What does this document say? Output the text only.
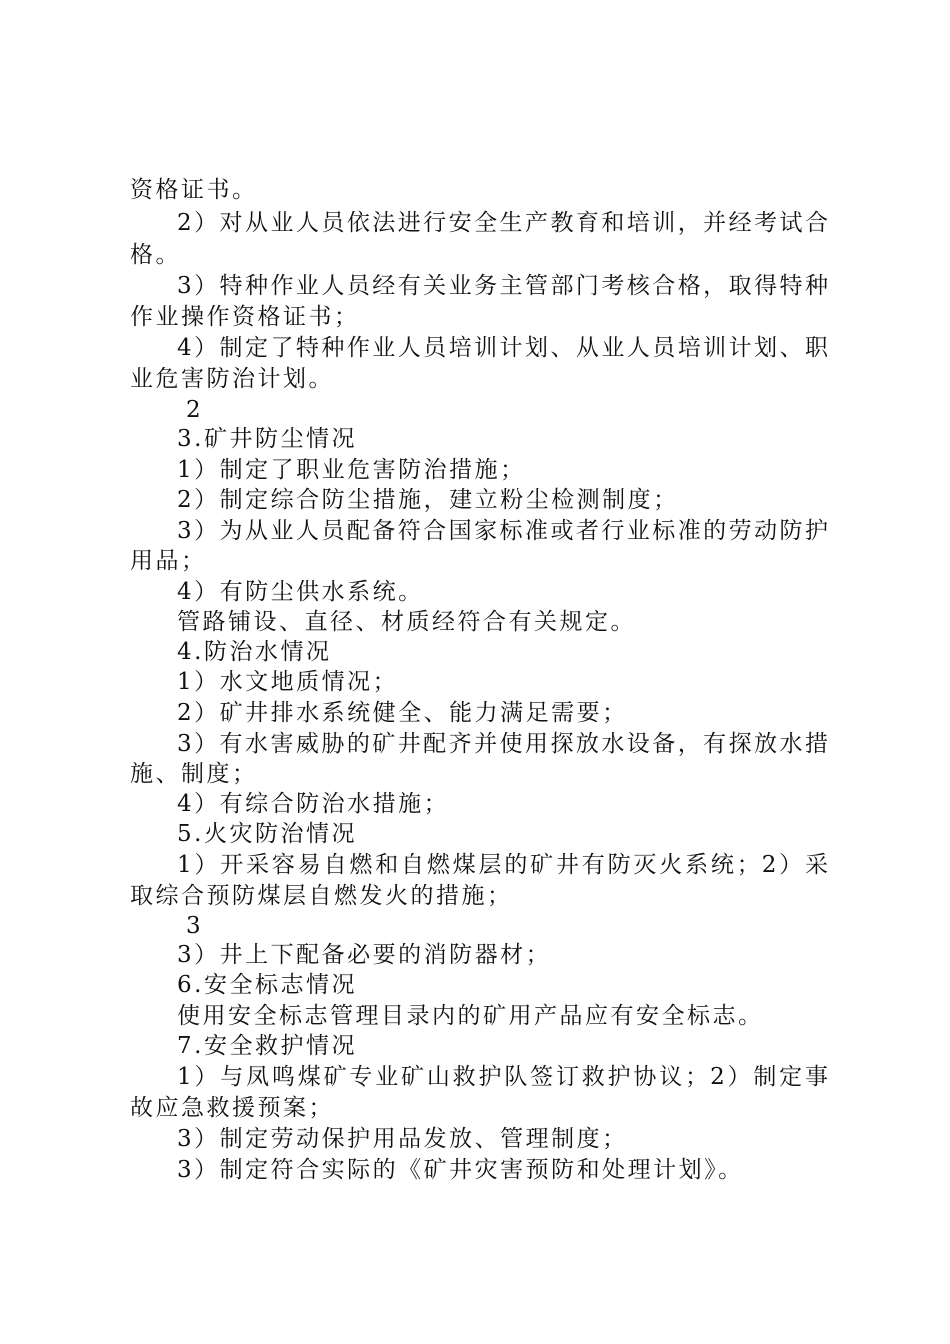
资格证书。
2）对从业人员依法进行安全生产教育和培训，并经考试合
格。
3）特种作业人员经有关业务主管部门考核合格，取得特种
作业操作资格证书；
4）制定了特种作业人员培训计划、从业人员培训计划、职
业危害防治计划。
2
3.矿井防尘情况
1）制定了职业危害防治措施；
2）制定综合防尘措施，建立粉尘检测制度；
3）为从业人员配备符合国家标准或者行业标准的劳动防护
用品；
4）有防尘供水系统。
管路铺设、直径、材质经符合有关规定。
4.防治水情况
1）水文地质情况；
2）矿井排水系统健全、能力满足需要；
3）有水害威胁的矿井配齐并使用探放水设备，有探放水措
施、制度；
4）有综合防治水措施；
5.火灾防治情况
1）开采容易自燃和自燃煤层的矿井有防灭火系统；2）采
取综合预防煤层自燃发火的措施；
3
3）井上下配备必要的消防器材；
6.安全标志情况
使用安全标志管理目录内的矿用产品应有安全标志。
7.安全救护情况
1）与凤鸣煤矿专业矿山救护队签订救护协议；2）制定事
故应急救援预案；
3）制定劳动保护用品发放、管理制度；
3）制定符合实际的《矿井灾害预防和处理计划》。
